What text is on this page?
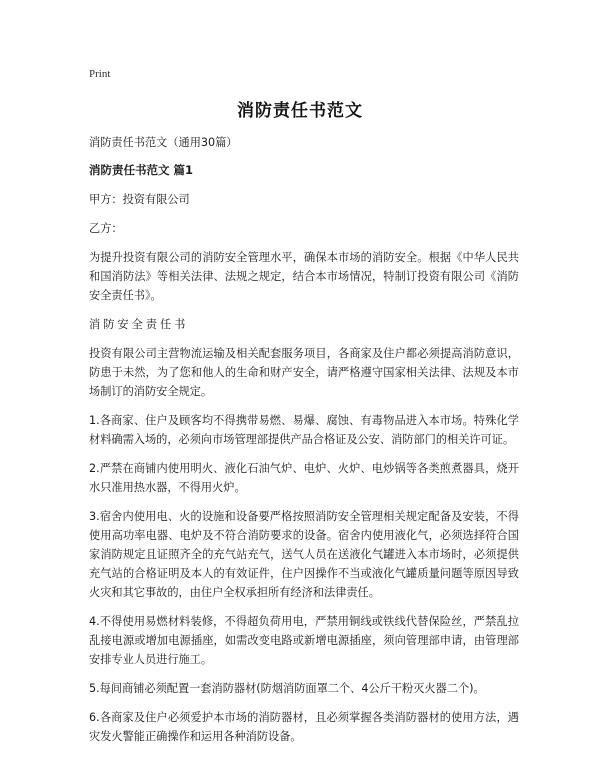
Print
消防责任书范文

消防责任书范文（通用30篇）

消防责任书范文 篇1

甲方：投资有限公司

乙方：

为提升投资有限公司的消防安全管理水平，确保本市场的消防安全。根据《中华人民共和国消防法》等相关法律、法规之规定，结合本市场情况，特制订投资有限公司《消防安全责任书》。

消防安全责任书

投资有限公司主营物流运输及相关配套服务项目，各商家及住户都必须提高消防意识，防患于未然，为了您和他人的生命和财产安全，请严格遵守国家相关法律、法规及本市场制订的消防安全规定。

1.各商家、住户及顾客均不得携带易燃、易爆、腐蚀、有毒物品进入本市场。特殊化学材料确需入场的，必须向市场管理部提供产品合格证及公安、消防部门的相关许可证。

2.严禁在商铺内使用明火、液化石油气炉、电炉、火炉、电炒锅等各类煎煮器具，烧开水只准用热水器，不得用火炉。

3.宿舍内使用电、火的设施和设备要严格按照消防安全管理相关规定配备及安装，不得使用高功率电器、电炉及不符合消防要求的设备。宿舍内使用液化气，必须选择符合国家消防规定且证照齐全的充气站充气，送气人员在送液化气罐进入本市场时，必须提供充气站的合格证明及本人的有效证件，住户因操作不当或液化气罐质量问题等原因导致火灾和其它事故的，由住户全权承担所有经济和法律责任。

4.不得使用易燃材料装修，不得超负荷用电，严禁用铜线或铁线代替保险丝，严禁乱拉乱接电源或增加电源插座，如需改变电路或新增电源插座，须向管理部申请，由管理部安排专业人员进行施工。

5.每间商铺必须配置一套消防器材(防烟消防面罩二个、4公斤干粉灭火器二个)。

6.各商家及住户必须爱护本市场的消防器材，且必须掌握各类消防器材的使用方法，遇灾发火警能正确操作和运用各种消防设备。
